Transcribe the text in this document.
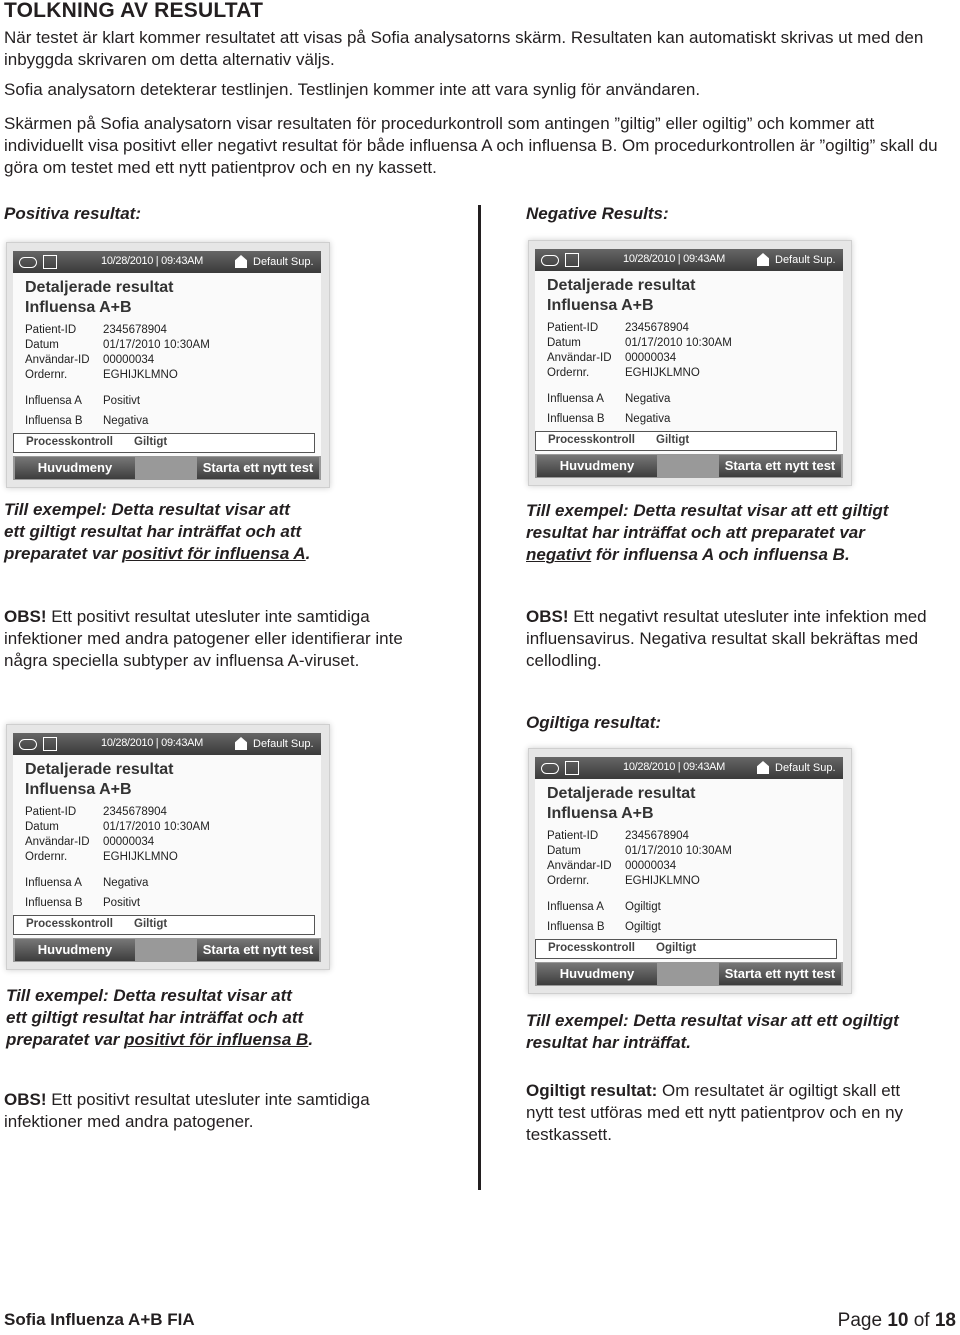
TOLKNING AV RESULTAT

När testet är klart kommer resultatet att visas på Sofia analysatorns skärm. Resultaten kan automatiskt skrivas ut med den inbyggda skrivaren om detta alternativ väljs.

Sofia analysatorn detekterar testlinjen. Testlinjen kommer inte att vara synlig för användaren.

Skärmen på Sofia analysatorn visar resultaten för procedurkontroll som antingen ”giltig” eller ogiltig” och kommer att individuellt visa positivt eller negativt resultat för både influensa A och influensa B. Om procedurkontrollen är ”ogiltig” skall du göra om testet med ett nytt patientprov och en ny kassett.

Positiva resultat:	Negative Results:
10/28/2010 | 09:43AM	Default Sup.
Detaljerade resultat
Influensa A+B
Patient-ID 2345678904
Datum	01/17/2010 10:30AM
Användar-ID 00000034
Ordernr.	EGHIJKLMNO
Influensa A Positivt
Influensa B Negativa
Processkontroll Giltigt
Huvudmeny	Starta ett nytt test
10/28/2010 | 09:43AM	Default Sup.
Detaljerade resultat
Influensa A+B
Patient-ID 2345678904
Datum	01/17/2010 10:30AM
Användar-ID 00000034
Ordernr.	EGHIJKLMNO
Influensa A Negativa
Influensa B Negativa
Processkontroll Giltigt
Huvudmeny	Starta ett nytt test
10/28/2010 | 09:43AM	Default Sup.
Detaljerade resultat
Influensa A+B
Patient-ID 2345678904
Datum	01/17/2010 10:30AM
Användar-ID 00000034
Ordernr.	EGHIJKLMNO
Influensa A Negativa
Influensa B Positivt
Processkontroll Giltigt
Huvudmeny	Starta ett nytt test
10/28/2010 | 09:43AM	Default Sup.
Detaljerade resultat
Influensa A+B
Patient-ID 2345678904
Datum	01/17/2010 10:30AM
Användar-ID 00000034
Ordernr.	EGHIJKLMNO
Influensa A Ogiltigt
Influensa B Ogiltigt
Processkontroll Ogiltigt
Huvudmeny	Starta ett nytt test
Till exempel: Detta resultat visar att
ett giltigt resultat har inträffat och att
preparatet var positivt för influensa A.
Till exempel: Detta resultat visar att ett giltigt
resultat har inträffat och att preparatet var
negativt för influensa A och influensa B.

OBS! Ett positivt resultat utesluter inte samtidiga infektioner med andra patogener eller identifierar inte några speciella subtyper av influensa A-viruset.

OBS! Ett negativt resultat utesluter inte infektion med influensavirus. Negativa resultat skall bekräftas med cellodling.

Ogiltiga resultat:
Till exempel: Detta resultat visar att
ett giltigt resultat har inträffat och att
preparatet var positivt för influensa B.
Till exempel: Detta resultat visar att ett ogiltigt
resultat har inträffat.

OBS! Ett positivt resultat utesluter inte samtidiga infektioner med andra patogener.

Ogiltigt resultat: Om resultatet är ogiltigt skall ett nytt test utföras med ett nytt patientprov och en ny testkassett.

Sofia Influenza A+B FIA	Page 10 of 18
